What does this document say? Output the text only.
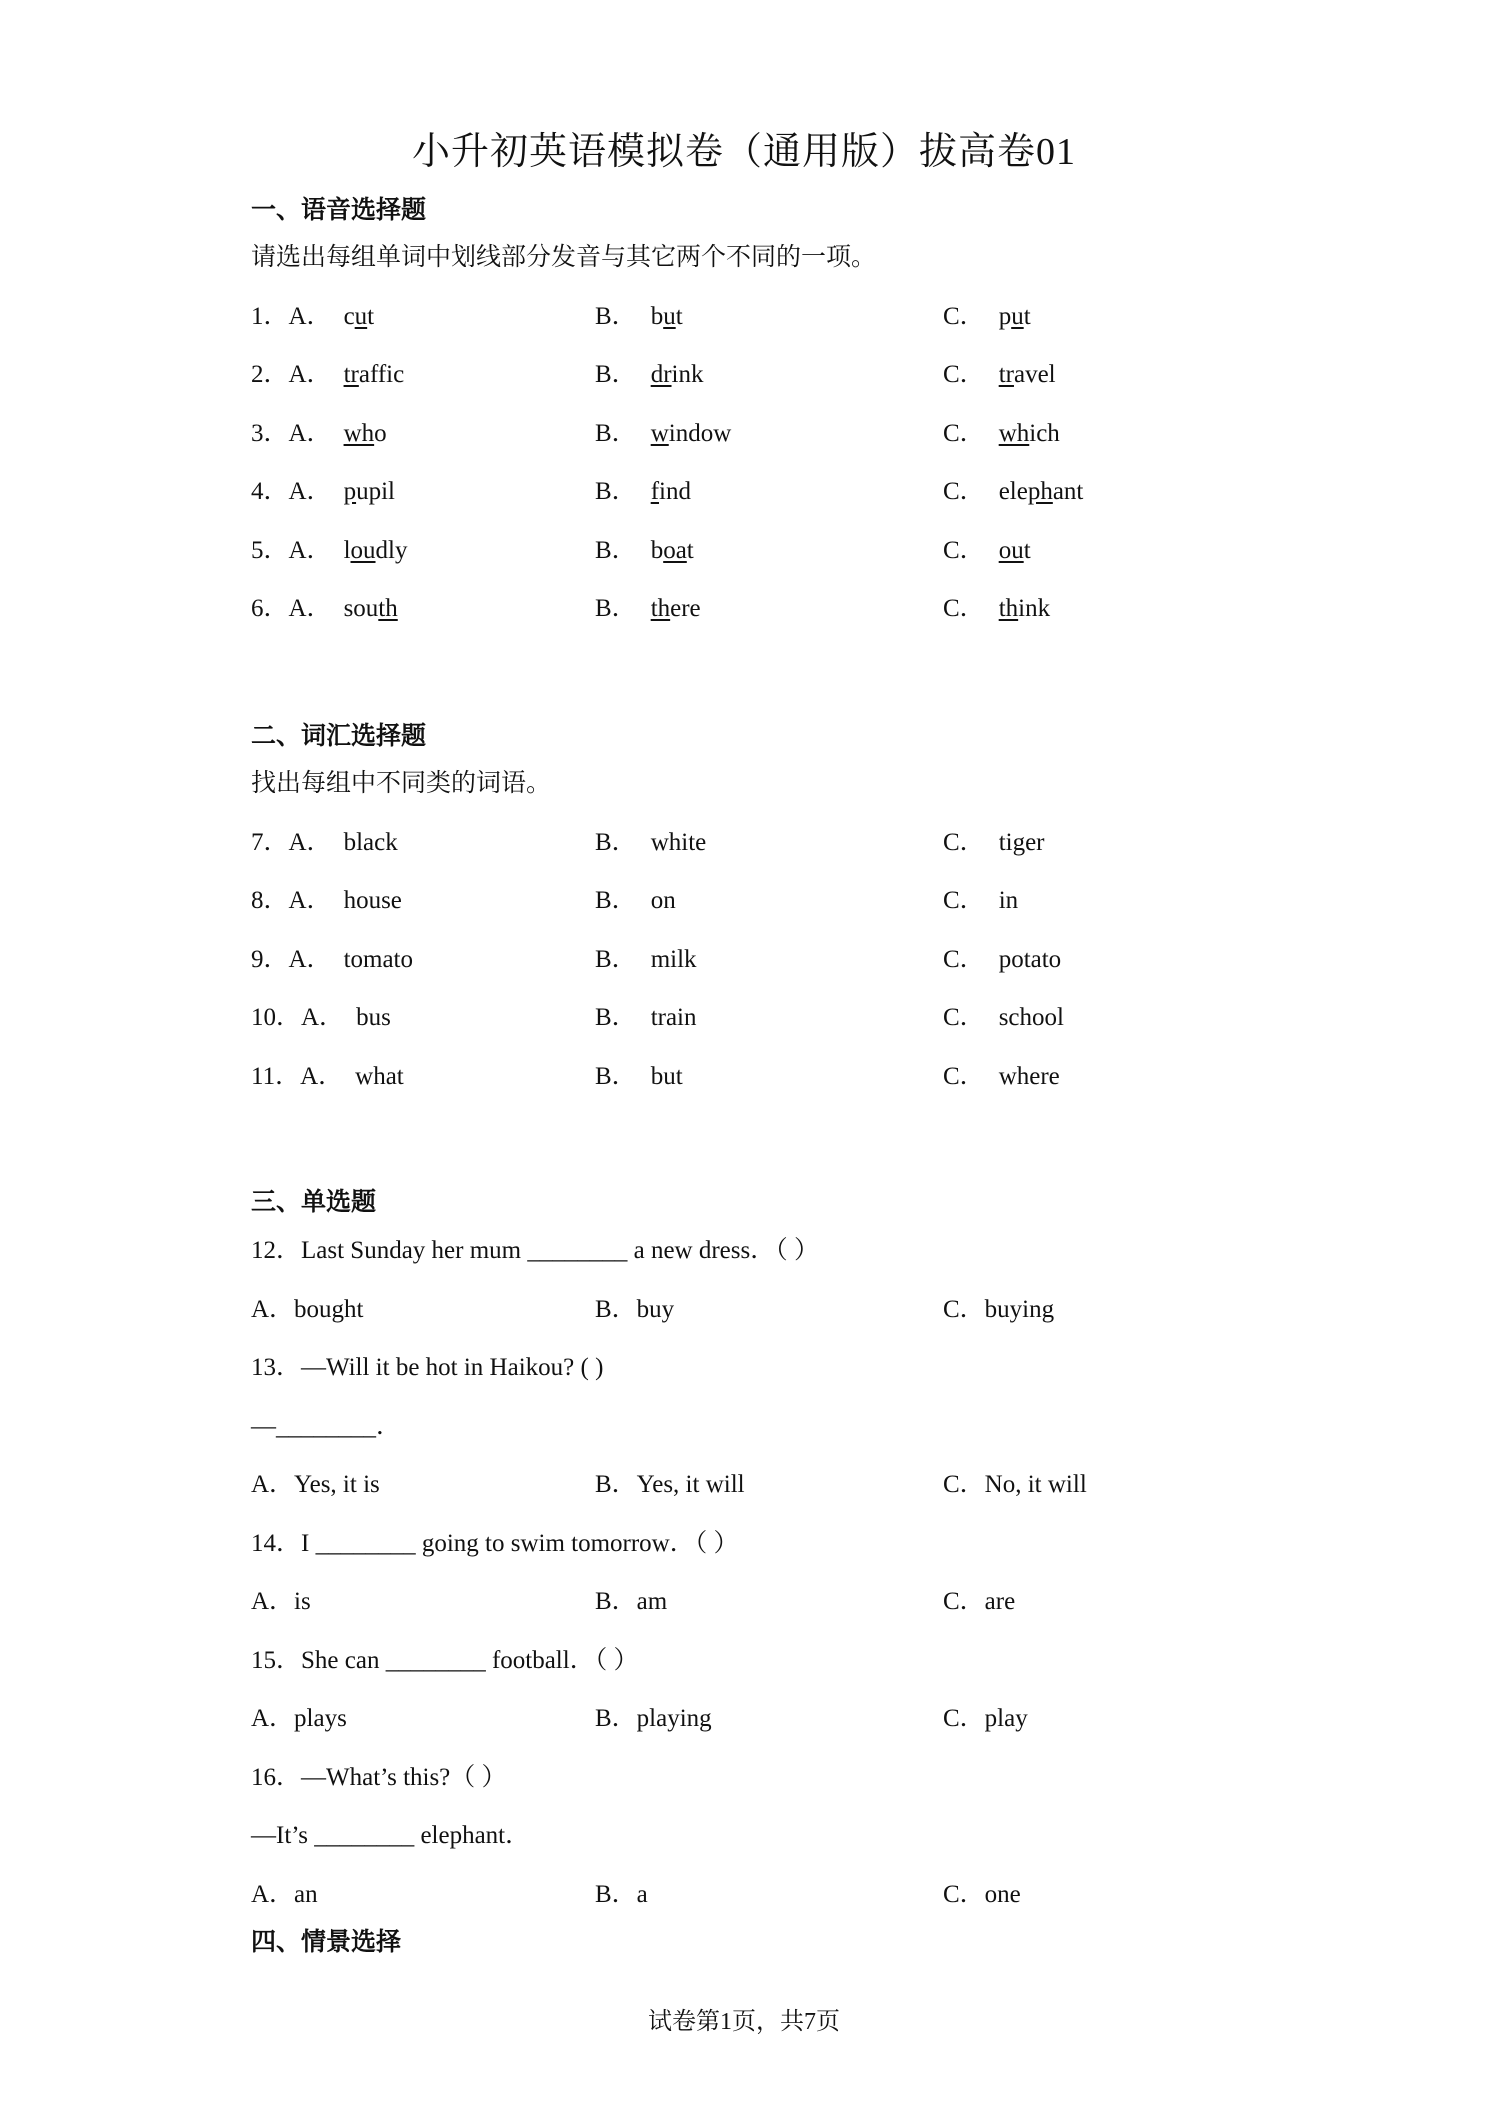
小升初英语模拟卷（通用版）拔高卷01
一、语音选择题
请选出每组单词中划线部分发音与其它两个不同的一项。
1．A． cut	B． but	C． put
2．A． traffic	B． drink	C． travel
3．A． who	B． window	C． which
4．A． pupil	B． find	C． elephant
5．A． loudly	B． boat	C． out
6．A． south	B． there	C． think
二、词汇选择题
找出每组中不同类的词语。
7．A． black	B． white	C． tiger
8．A． house	B． on	C． in
9．A． tomato	B． milk	C． potato
10．A． bus	B． train	C． school
11．A． what	B． but	C． where
三、单选题
12．Last Sunday her mum ________ a new dress．（ ）
A．bought	B．buy	C．buying
13．—Will it be hot in Haikou? ( )
—________．
A．Yes, it is	B．Yes, it will	C．No, it will
14．I ________ going to swim tomorrow．（ ）
A．is	B．am	C．are
15．She can ________ football．（ ）
A．plays	B．playing	C．play
16．—What’s this?（ ）
—It’s ________ elephant．
A．an	B．a	C．one
四、情景选择
试卷第1页，共7页
